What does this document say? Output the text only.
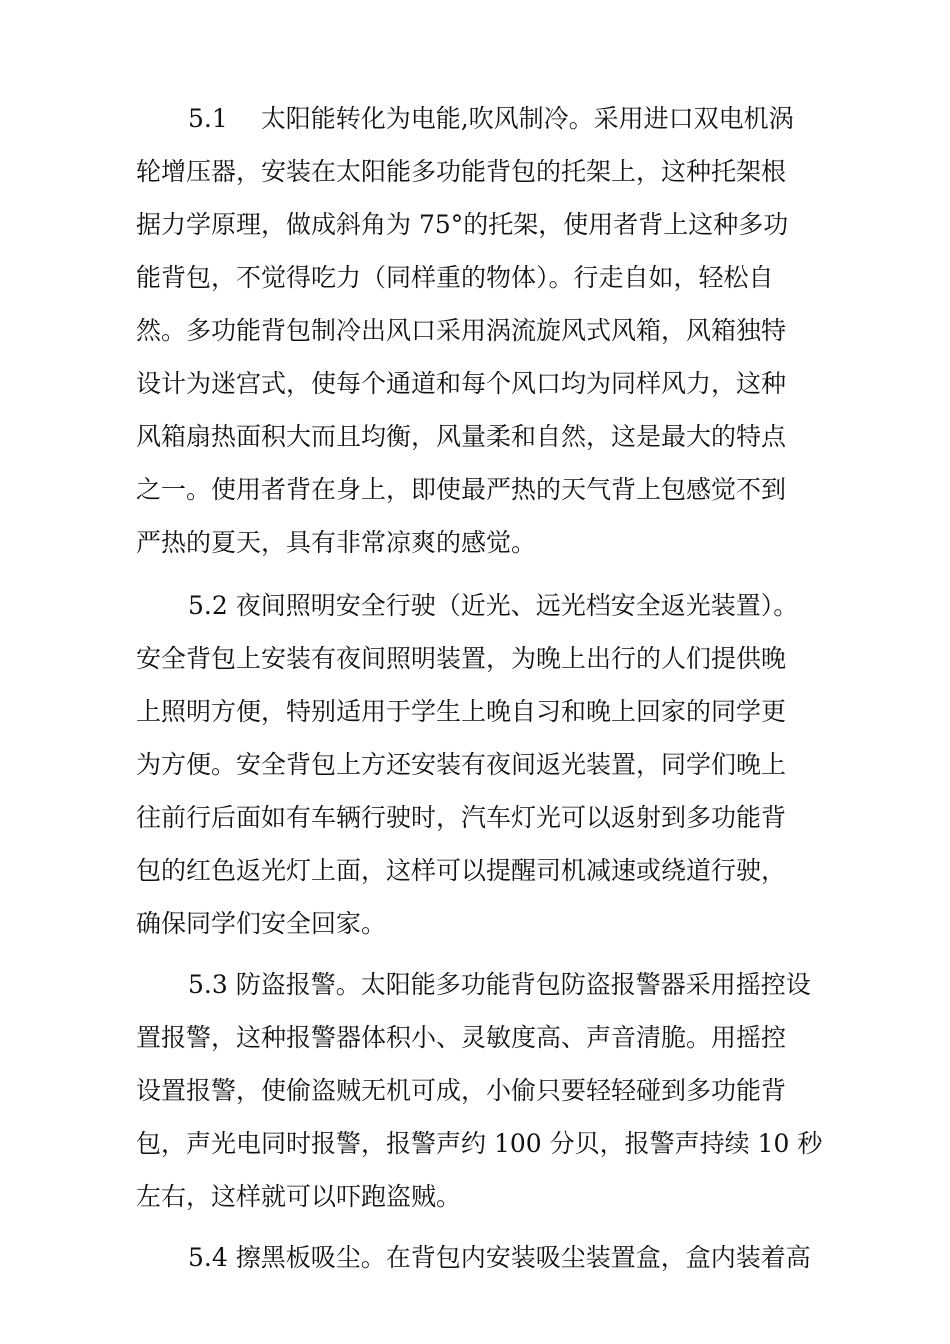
5.1　 太阳能转化为电能,吹风制冷。采用进口双电机涡
轮增压器，安装在太阳能多功能背包的托架上，这种托架根
据力学原理，做成斜角为 75°的托架，使用者背上这种多功
能背包，不觉得吃力（同样重的物体）。行走自如，轻松自
然。多功能背包制冷出风口采用涡流旋风式风箱，风箱独特
设计为迷宫式，使每个通道和每个风口均为同样风力，这种
风箱扇热面积大而且均衡，风量柔和自然，这是最大的特点
之一。使用者背在身上，即使最严热的天气背上包感觉不到
严热的夏天，具有非常凉爽的感觉。
5.2 夜间照明安全行驶（近光、远光档安全返光装置）。
安全背包上安装有夜间照明装置，为晚上出行的人们提供晚
上照明方便，特别适用于学生上晚自习和晚上回家的同学更
为方便。安全背包上方还安装有夜间返光装置，同学们晚上
往前行后面如有车辆行驶时，汽车灯光可以返射到多功能背
包的红色返光灯上面，这样可以提醒司机减速或绕道行驶，
确保同学们安全回家。
5.3 防盗报警。太阳能多功能背包防盗报警器采用摇控设
置报警，这种报警器体积小、灵敏度高、声音清脆。用摇控
设置报警，使偷盗贼无机可成，小偷只要轻轻碰到多功能背
包，声光电同时报警，报警声约 100 分贝，报警声持续 10 秒
左右，这样就可以吓跑盗贼。
5.4 擦黑板吸尘。在背包内安装吸尘装置盒，盒内装着高
